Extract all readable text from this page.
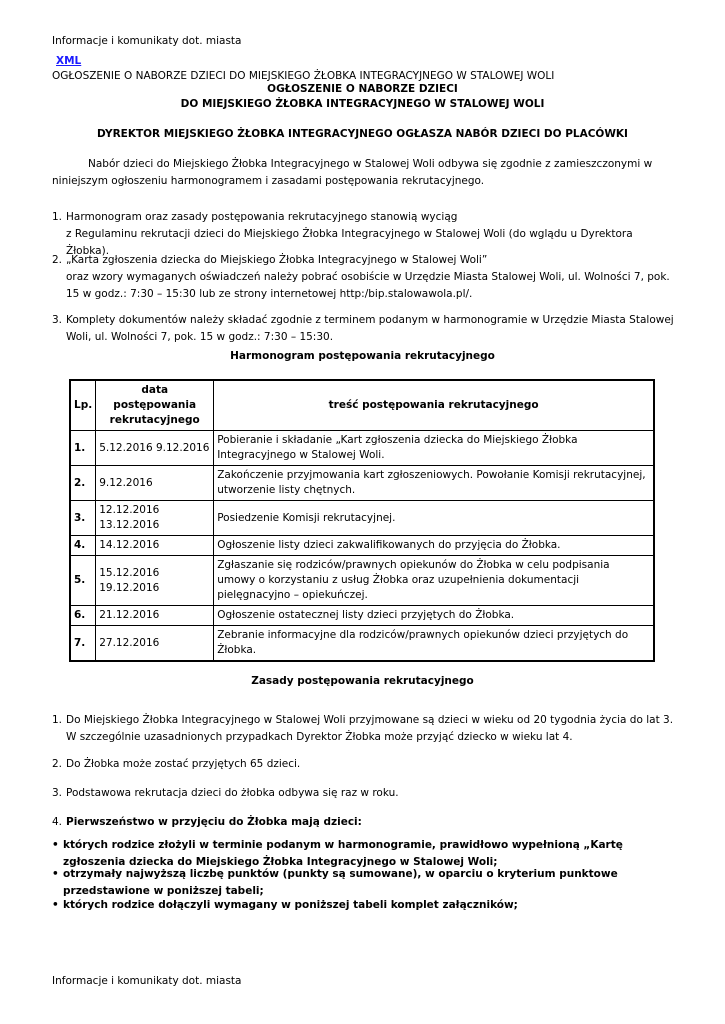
Informacje i komunikaty dot. miasta
XML
OGŁOSZENIE O NABORZE DZIECI DO MIEJSKIEGO ŻŁOBKA INTEGRACYJNEGO W STALOWEJ WOLI
OGŁOSZENIE O NABORZE DZIECI
DO MIEJSKIEGO ŻŁOBKA INTEGRACYJNEGO W STALOWEJ WOLI
DYREKTOR MIEJSKIEGO ŻŁOBKA INTEGRACYJNEGO OGŁASZA NABÓR DZIECI DO PLACÓWKI
Nabór dzieci do Miejskiego Żłobka Integracyjnego w Stalowej Woli odbywa się zgodnie z zamieszczonymi w niniejszym ogłoszeniu harmonogramem i zasadami postępowania rekrutacyjnego.
1. Harmonogram oraz zasady postępowania rekrutacyjnego stanowią wyciąg
z Regulaminu rekrutacji dzieci do Miejskiego Żłobka Integracyjnego w Stalowej Woli (do wglądu u Dyrektora Żłobka).
2. „Karta zgłoszenia dziecka do Miejskiego Żłobka Integracyjnego w Stalowej Woli”
oraz wzory wymaganych oświadczeń należy pobrać osobiście w Urzędzie Miasta Stalowej Woli, ul. Wolności 7, pok. 15 w godz.: 7:30 – 15:30 lub ze strony internetowej http:/bip.stalowawola.pl/.
3. Komplety dokumentów należy składać zgodnie z terminem podanym w harmonogramie w Urzędzie Miasta Stalowej Woli, ul. Wolności 7, pok. 15 w godz.: 7:30 – 15:30.
Harmonogram postępowania rekrutacyjnego
Lp.	data postępowania rekrutacyjnego	treść postępowania rekrutacyjnego
1.	5.12.2016 9.12.2016	Pobieranie i składanie „Kart zgłoszenia dziecka do Miejskiego Żłobka Integracyjnego w Stalowej Woli.
2.	9.12.2016	Zakończenie przyjmowania kart zgłoszeniowych. Powołanie Komisji rekrutacyjnej, utworzenie listy chętnych.
3.	12.12.2016 13.12.2016	Posiedzenie Komisji rekrutacyjnej.
4.	14.12.2016	Ogłoszenie listy dzieci zakwalifikowanych do przyjęcia do Żłobka.
5.	15.12.2016 19.12.2016	Zgłaszanie się rodziców/prawnych opiekunów do Żłobka w celu podpisania umowy o korzystaniu z usług Żłobka oraz uzupełnienia dokumentacji pielęgnacyjno – opiekuńczej.
6.	21.12.2016	Ogłoszenie ostatecznej listy dzieci przyjętych do Żłobka.
7.	27.12.2016	Zebranie informacyjne dla rodziców/prawnych opiekunów dzieci przyjętych do Żłobka.
Zasady postępowania rekrutacyjnego
1. Do Miejskiego Żłobka Integracyjnego w Stalowej Woli przyjmowane są dzieci w wieku od 20 tygodnia życia do lat 3. W szczególnie uzasadnionych przypadkach Dyrektor Żłobka może przyjąć dziecko w wieku lat 4.
2. Do Żłobka może zostać przyjętych 65 dzieci.
3. Podstawowa rekrutacja dzieci do żłobka odbywa się raz w roku.
4. Pierwszeństwo w przyjęciu do Żłobka mają dzieci:
• których rodzice złożyli w terminie podanym w harmonogramie, prawidłowo wypełnioną „Kartę zgłoszenia dziecka do Miejskiego Żłobka Integracyjnego w Stalowej Woli;
• otrzymały najwyższą liczbę punktów (punkty są sumowane), w oparciu o kryterium punktowe przedstawione w poniższej tabeli;
• których rodzice dołączyli wymagany w poniższej tabeli komplet załączników;
Informacje i komunikaty dot. miasta
